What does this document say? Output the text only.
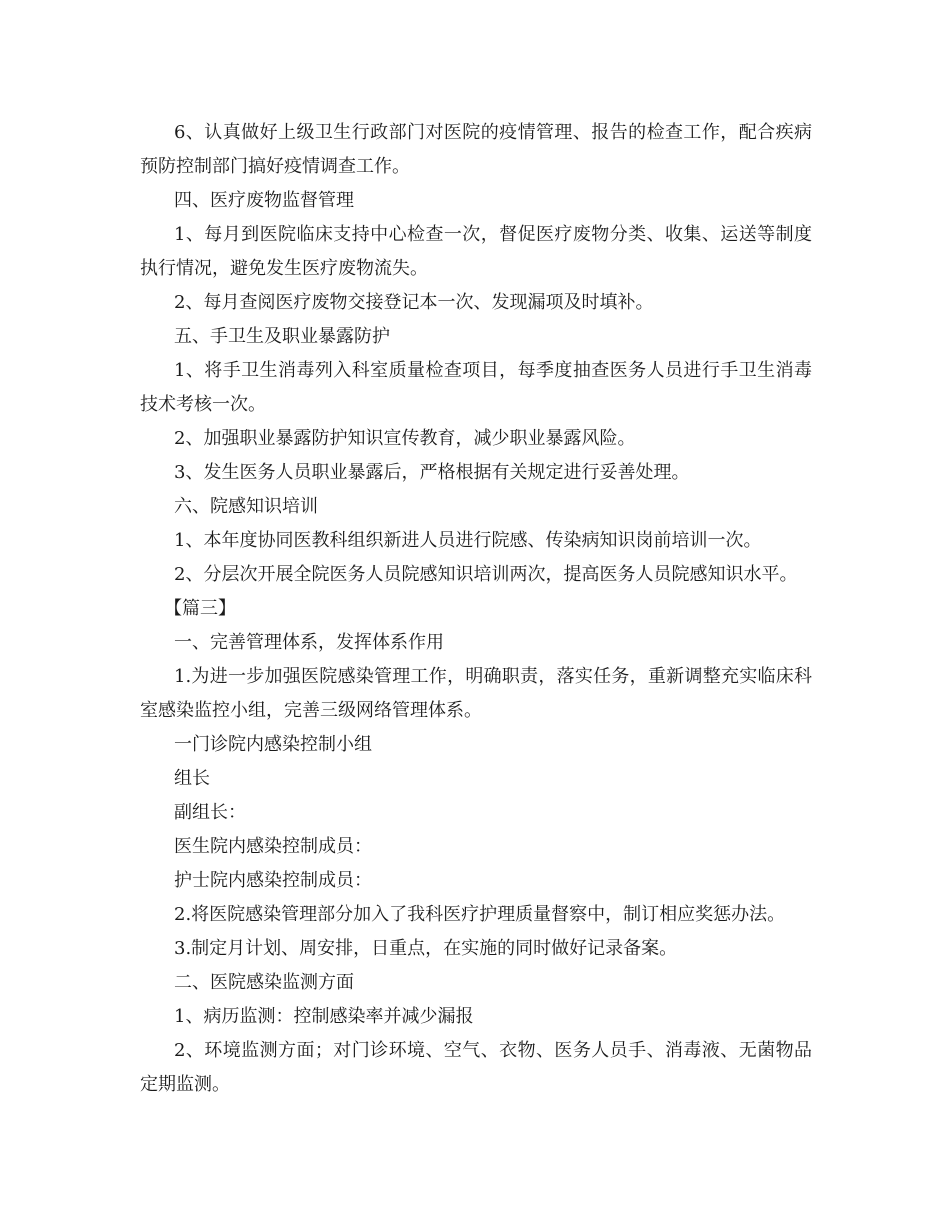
6、认真做好上级卫生行政部门对医院的疫情管理、报告的检查工作，配合疾病预防控制部门搞好疫情调查工作。

四、医疗废物监督管理

1、每月到医院临床支持中心检查一次，督促医疗废物分类、收集、运送等制度执行情况，避免发生医疗废物流失。

2、每月查阅医疗废物交接登记本一次、发现漏项及时填补。

五、手卫生及职业暴露防护

1、将手卫生消毒列入科室质量检查项目，每季度抽查医务人员进行手卫生消毒技术考核一次。

2、加强职业暴露防护知识宣传教育，减少职业暴露风险。

3、发生医务人员职业暴露后，严格根据有关规定进行妥善处理。

六、院感知识培训

1、本年度协同医教科组织新进人员进行院感、传染病知识岗前培训一次。

2、分层次开展全院医务人员院感知识培训两次，提高医务人员院感知识水平。

【篇三】

一、完善管理体系，发挥体系作用

1.为进一步加强医院感染管理工作，明确职责，落实任务，重新调整充实临床科室感染监控小组，完善三级网络管理体系。

一门诊院内感染控制小组

组长

副组长：

医生院内感染控制成员：

护士院内感染控制成员：

2.将医院感染管理部分加入了我科医疗护理质量督察中，制订相应奖惩办法。

3.制定月计划、周安排，日重点，在实施的同时做好记录备案。

二、医院感染监测方面

1、病历监测：控制感染率并减少漏报

2、环境监测方面；对门诊环境、空气、衣物、医务人员手、消毒液、无菌物品定期监测。
